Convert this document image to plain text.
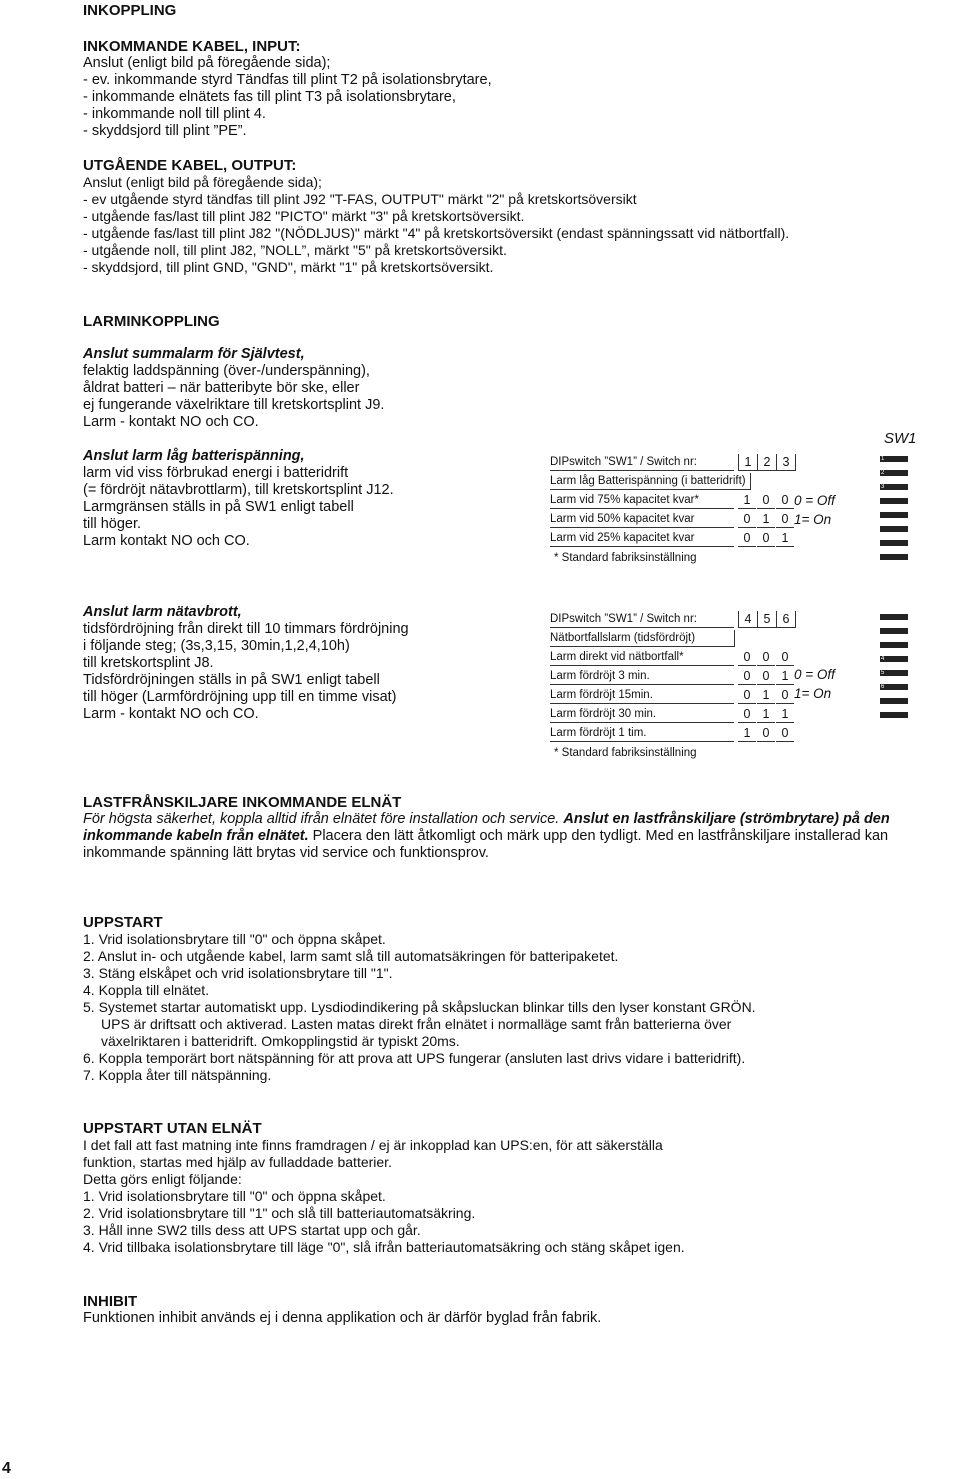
INKOPPLING
INKOMMANDE KABEL, INPUT:

Anslut (enligt bild på föregående sida);

- ev. inkommande styrd Tändfas till plint T2 på isolationsbrytare,

- inkommande elnätets fas till plint T3 på isolationsbrytare,

- inkommande noll till plint 4.

- skyddsjord till plint ”PE”.

UTGÅENDE KABEL, OUTPUT:

Anslut (enligt bild på föregående sida);

- ev utgående styrd tändfas till plint J92 "T-FAS, OUTPUT" märkt "2" på kretskortsöversikt

- utgående fas/last till plint J82 "PICTO" märkt "3" på kretskortsöversikt.

- utgående fas/last till plint J82 "(NÖDLJUS)" märkt "4" på kretskortsöversikt (endast spänningssatt vid nätbortfall).

- utgående noll, till plint J82, ”NOLL”, märkt "5" på kretskortsöversikt.

- skyddsjord, till plint GND, "GND", märkt "1" på kretskortsöversikt.

LARMINKOPPLING

Anslut summalarm för Självtest,

felaktig laddspänning (över-/underspänning),

åldrat batteri – när batteribyte bör ske, eller

ej fungerande växelriktare till kretskortsplint J9.

Larm - kontakt NO och CO.

Anslut larm låg batterispänning,

larm vid viss förbrukad energi i batteridrift

(= fördröjt nätavbrottlarm), till kretskortsplint J12.

Larmgränsen ställs in på SW1 enligt tabell

till höger.

Larm kontakt NO och CO.

SW1
DIPswitch ”SW1” / Switch nr:	1 2 3
Larm låg Batterispänning (i batteridrift)
Larm vid 75% kapacitet kvar*	1 0 0
Larm vid 50% kapacitet kvar	0 1 0
Larm vid 25% kapacitet kvar	0 0 1
* Standard fabriksinställning
0 = Off
1= On
1
2
3
ON

Anslut larm nätavbrott,

tidsfördröjning från direkt till 10 timmars fördröjning

i följande steg; (3s,3,15, 30min,1,2,4,10h)

till kretskortsplint J8.

Tidsfördröjningen ställs in på SW1 enligt tabell

till höger (Larmfördröjning upp till en timme visat)

Larm - kontakt NO och CO.

DIPswitch ”SW1” / Switch nr:	4 5 6
Nätbortfallslarm (tidsfördröjt)
Larm direkt vid nätbortfall*	0 0 0
Larm fördröjt 3 min.	0 0 1
Larm fördröjt 15min.	0 1 0
Larm fördröjt 30 min.	0 1 1
Larm fördröjt 1 tim.	1 0 0
* Standard fabriksinställning
0 = Off
1= On
4
5
6
ON
LASTFRÅNSKILJARE INKOMMANDE ELNÄT
För högsta säkerhet, koppla alltid ifrån elnätet före installation och service. Anslut en lastfrånskiljare (strömbrytare) på den inkommande kabeln från elnätet. Placera den lätt åtkomligt och märk upp den tydligt. Med en lastfrånskiljare installerad kan inkommande spänning lätt brytas vid service och funktionsprov.
UPPSTART

1. Vrid isolationsbrytare till "0" och öppna skåpet.

2. Anslut in- och utgående kabel, larm samt slå till automatsäkringen för batteripaketet.

3. Stäng elskåpet och vrid isolationsbrytare till "1".

4. Koppla till elnätet.

5. Systemet startar automatiskt upp. Lysdiodindikering på skåpsluckan blinkar tills den lyser konstant GRÖN.

UPS är driftsatt och aktiverad. Lasten matas direkt från elnätet i normalläge samt från batterierna över

växelriktaren i batteridrift. Omkopplingstid är typiskt 20ms.

6. Koppla temporärt bort nätspänning för att prova att UPS fungerar (ansluten last drivs vidare i batteridrift).

7. Koppla åter till nätspänning.

UPPSTART UTAN ELNÄT

I det fall att fast matning inte finns framdragen / ej är inkopplad kan UPS:en, för att säkerställa

funktion, startas med hjälp av fulladdade batterier.

Detta görs enligt följande:

1. Vrid isolationsbrytare till "0" och öppna skåpet.

2. Vrid isolationsbrytare till "1" och slå till batteriautomatsäkring.

3. Håll inne SW2 tills dess att UPS startat upp och går.

4. Vrid tillbaka isolationsbrytare till läge "0", slå ifrån batteriautomatsäkring och stäng skåpet igen.

INHIBIT
Funktionen inhibit används ej i denna applikation och är därför byglad från fabrik.
4
